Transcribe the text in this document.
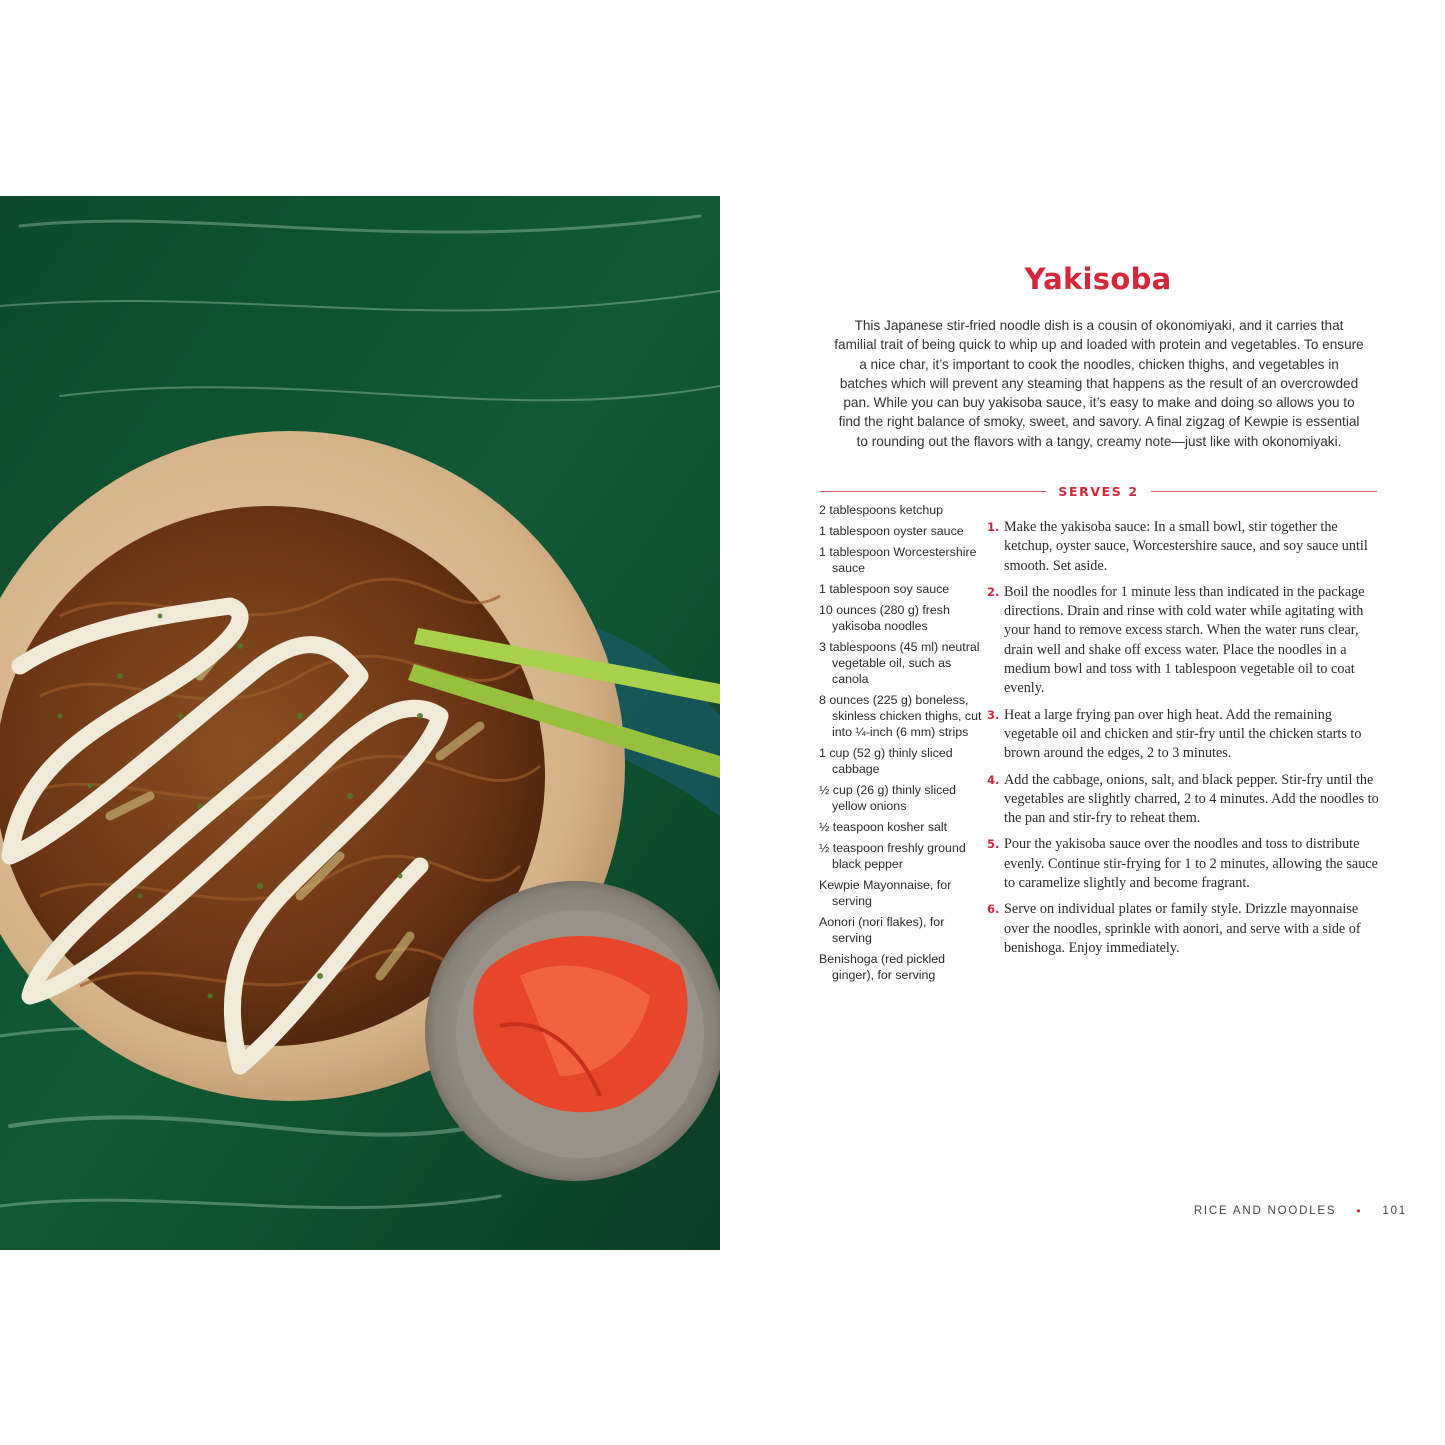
Yakisoba

This Japanese stir-fried noodle dish is a cousin of okonomiyaki, and it carries that familial trait of being quick to whip up and loaded with protein and vegetables. To ensure a nice char, it’s important to cook the noodles, chicken thighs, and vegetables in batches which will prevent any steaming that happens as the result of an overcrowded pan. While you can buy yakisoba sauce, it’s easy to make and doing so allows you to find the right balance of smoky, sweet, and savory. A final zigzag of Kewpie is essential to rounding out the flavors with a tangy, creamy note—just like with okonomiyaki.

SERVES 2
2 tablespoons ketchup
1 tablespoon oyster sauce
1 tablespoon Worcestershire sauce
1 tablespoon soy sauce
10 ounces (280 g) fresh yakisoba noodles
3 tablespoons (45 ml) neutral vegetable oil, such as canola
8 ounces (225 g) boneless, skinless chicken thighs, cut into ¼-inch (6 mm) strips
1 cup (52 g) thinly sliced cabbage
½ cup (26 g) thinly sliced yellow onions
½ teaspoon kosher salt
½ teaspoon freshly ground black pepper
Kewpie Mayonnaise, for serving
Aonori (nori flakes), for serving
Benishoga (red pickled ginger), for serving
1. Make the yakisoba sauce: In a small bowl, stir together the ketchup, oyster sauce, Worcestershire sauce, and soy sauce until smooth. Set aside.
2. Boil the noodles for 1 minute less than indicated in the package directions. Drain and rinse with cold water while agitating with your hand to remove excess starch. When the water runs clear, drain well and shake off excess water. Place the noodles in a medium bowl and toss with 1 tablespoon vegetable oil to coat evenly.
3. Heat a large frying pan over high heat. Add the remaining vegetable oil and chicken and stir-fry until the chicken starts to brown around the edges, 2 to 3 minutes.
4. Add the cabbage, onions, salt, and black pepper. Stir-fry until the vegetables are slightly charred, 2 to 4 minutes. Add the noodles to the pan and stir-fry to reheat them.
5. Pour the yakisoba sauce over the noodles and toss to distribute evenly. Continue stir-frying for 1 to 2 minutes, allowing the sauce to caramelize slightly and become fragrant.
6. Serve on individual plates or family style. Drizzle mayonnaise over the noodles, sprinkle with aonori, and serve with a side of benishoga. Enjoy immediately.
RICE AND NOODLES • 101
